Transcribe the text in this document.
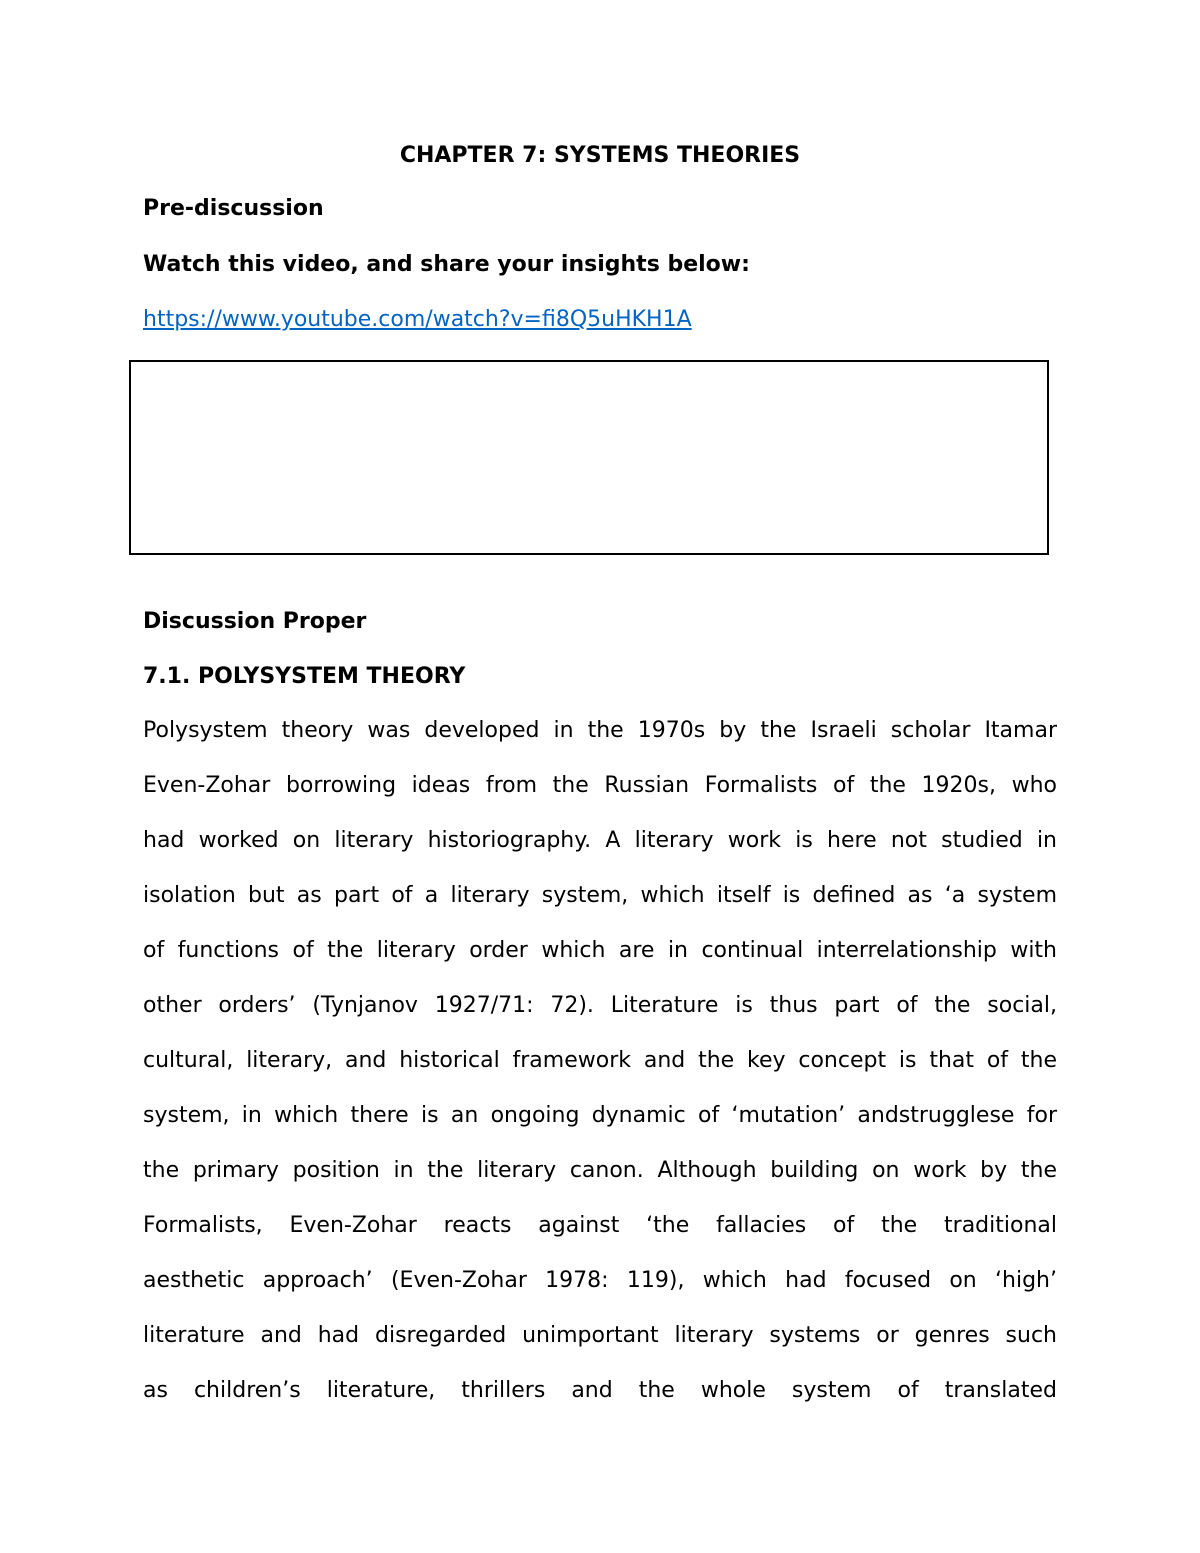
CHAPTER 7: SYSTEMS THEORIES
Pre-discussion
Watch this video, and share your insights below:
https://www.youtube.com/watch?v=fi8Q5uHKH1A
Discussion Proper
7.1. POLYSYSTEM THEORY
Polysystem theory was developed in the 1970s by the Israeli scholar Itamar
Even-Zohar borrowing ideas from the Russian Formalists of the 1920s, who
had worked on literary historiography. A literary work is here not studied in
isolation but as part of a literary system, which itself is defined as ‘a system
of functions of the literary order which are in continual interrelationship with
other orders’ (Tynjanov 1927/71: 72). Literature is thus part of the social,
cultural, literary, and historical framework and the key concept is that of the
system, in which there is an ongoing dynamic of ‘mutation’ andstrugglese for
the primary position in the literary canon. Although building on work by the
Formalists, Even-Zohar reacts against ‘the fallacies of the traditional
aesthetic approach’ (Even-Zohar 1978: 119), which had focused on ‘high’
literature and had disregarded unimportant literary systems or genres such
as children’s literature, thrillers and the whole system of translated
